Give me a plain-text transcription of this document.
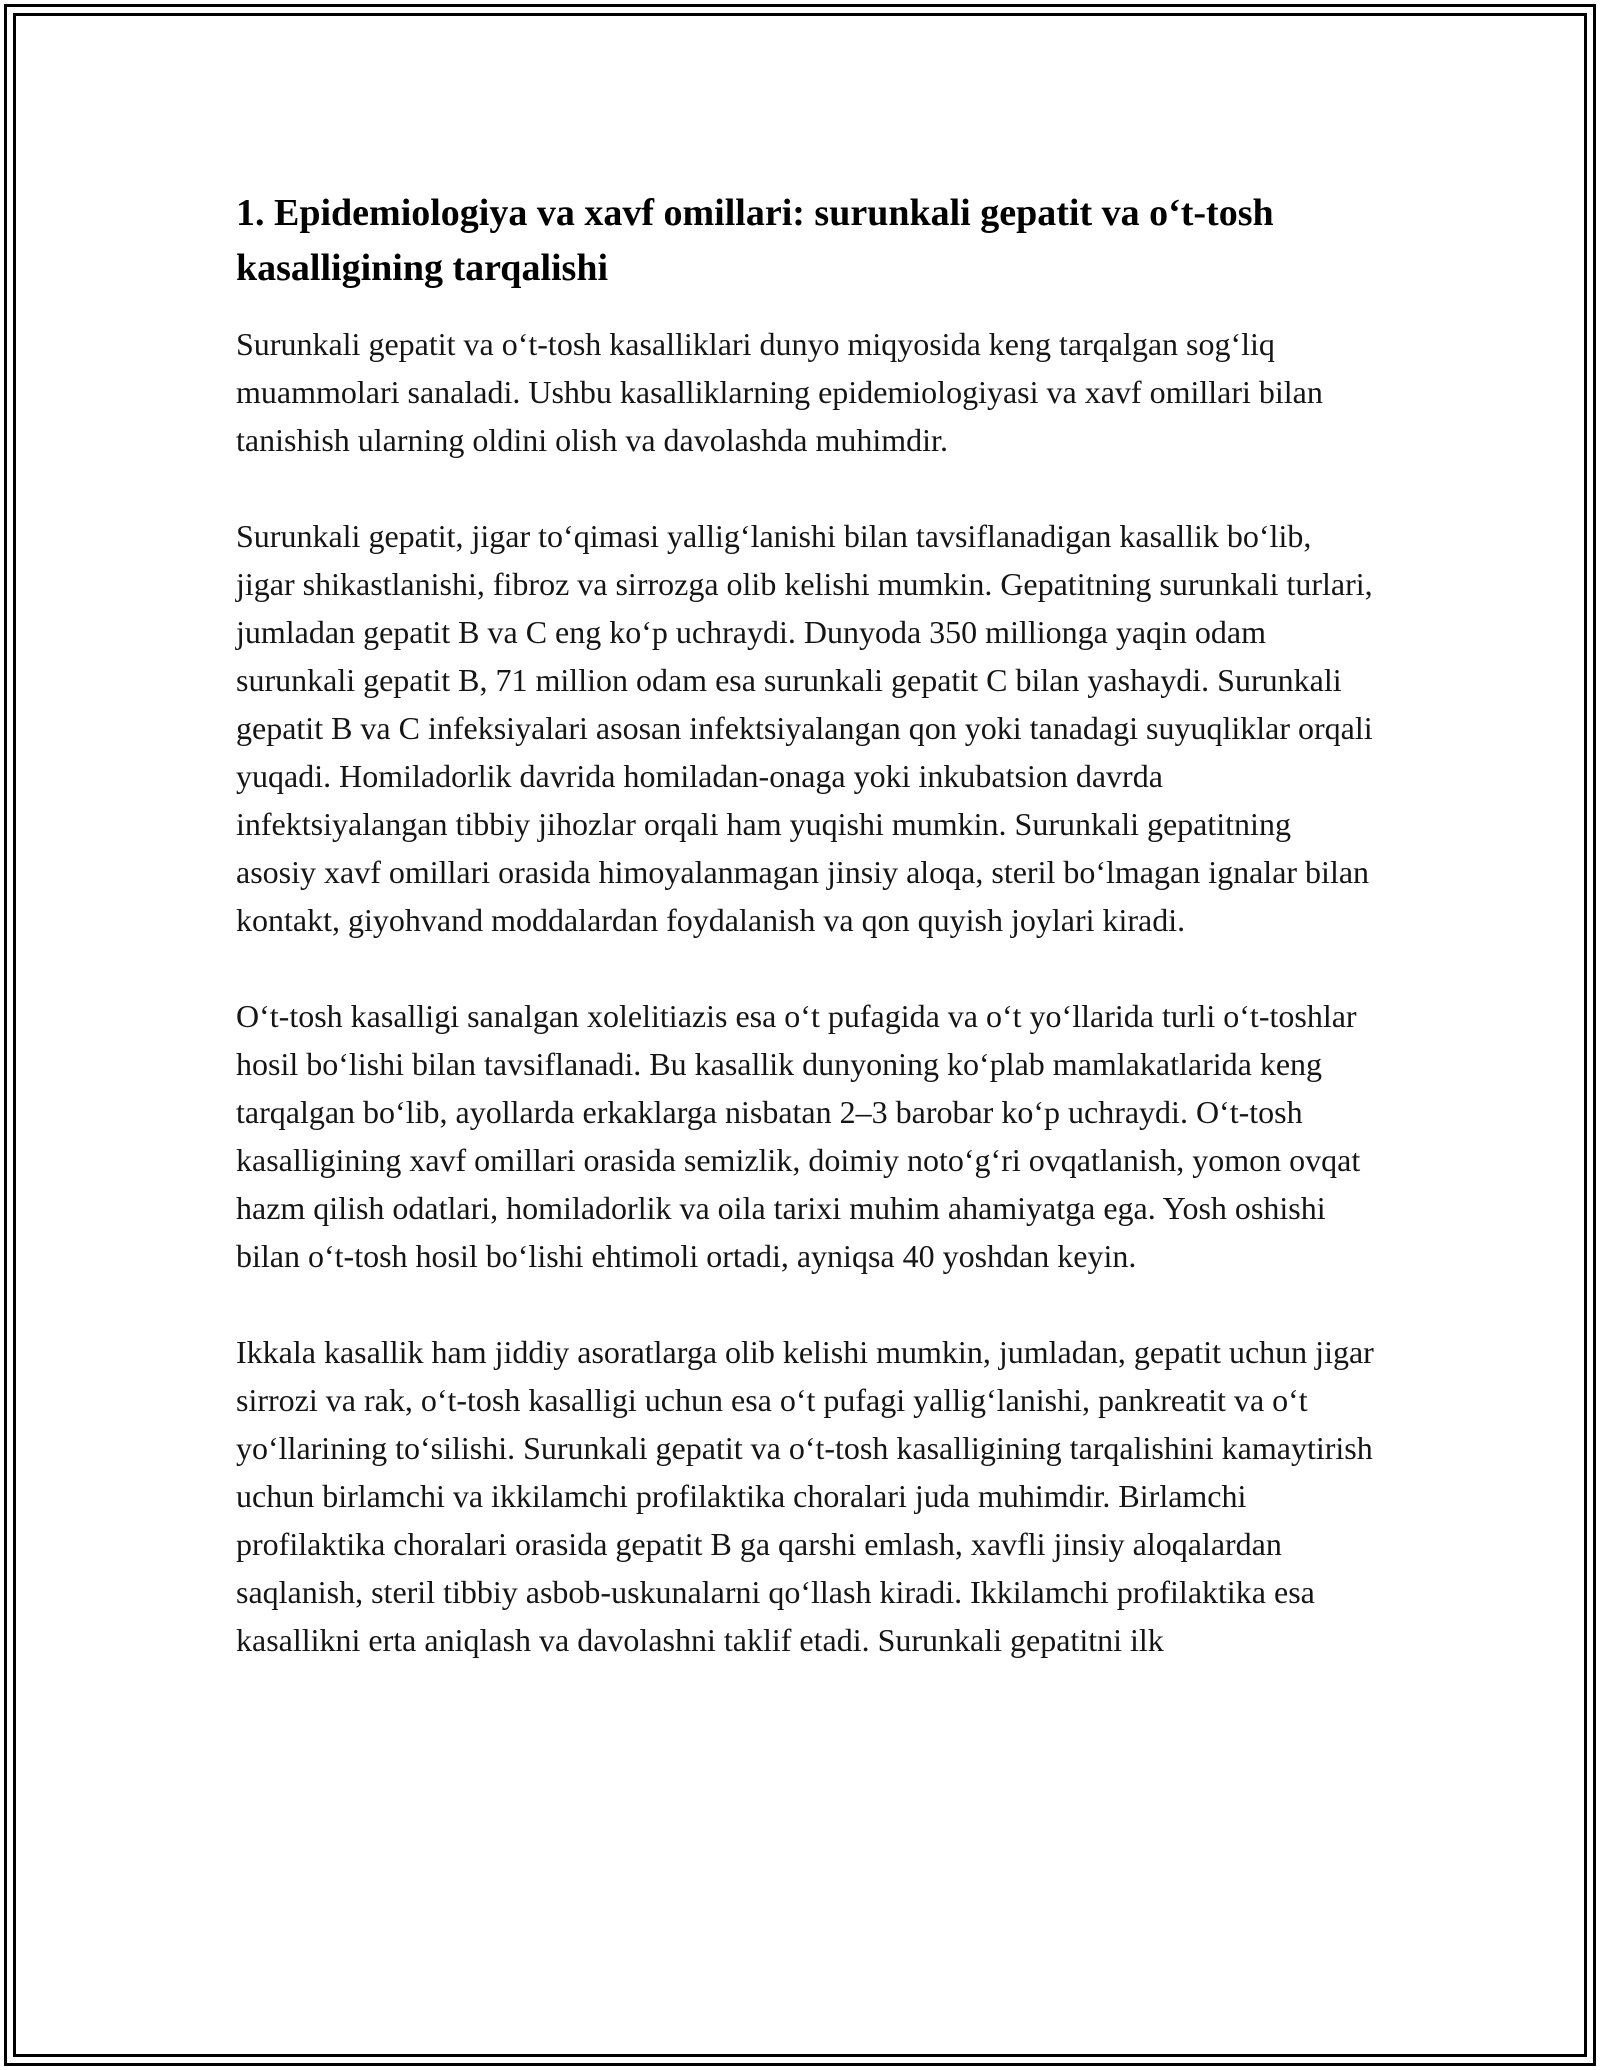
1. Epidemiologiya va xavf omillari: surunkali gepatit va o‘t-tosh kasalligining tarqalishi

Surunkali gepatit va o‘t-tosh kasalliklari dunyo miqyosida keng tarqalgan sog‘liq muammolari sanaladi. Ushbu kasalliklarning epidemiologiyasi va xavf omillari bilan tanishish ularning oldini olish va davolashda muhimdir.

Surunkali gepatit, jigar to‘qimasi yallig‘lanishi bilan tavsiflanadigan kasallik bo‘lib, jigar shikastlanishi, fibroz va sirrozga olib kelishi mumkin. Gepatitning surunkali turlari, jumladan gepatit B va C eng ko‘p uchraydi. Dunyoda 350 millionga yaqin odam surunkali gepatit B, 71 million odam esa surunkali gepatit C bilan yashaydi. Surunkali gepatit B va C infeksiyalari asosan infektsiyalangan qon yoki tanadagi suyuqliklar orqali yuqadi. Homiladorlik davrida homiladan-onaga yoki inkubatsion davrda infektsiyalangan tibbiy jihozlar orqali ham yuqishi mumkin. Surunkali gepatitning asosiy xavf omillari orasida himoyalanmagan jinsiy aloqa, steril bo‘lmagan ignalar bilan kontakt, giyohvand moddalardan foydalanish va qon quyish joylari kiradi.

O‘t-tosh kasalligi sanalgan xolelitiazis esa o‘t pufagida va o‘t yo‘llarida turli o‘t-toshlar hosil bo‘lishi bilan tavsiflanadi. Bu kasallik dunyoning ko‘plab mamlakatlarida keng tarqalgan bo‘lib, ayollarda erkaklarga nisbatan 2–3 barobar ko‘p uchraydi. O‘t-tosh kasalligining xavf omillari orasida semizlik, doimiy noto‘g‘ri ovqatlanish, yomon ovqat hazm qilish odatlari, homiladorlik va oila tarixi muhim ahamiyatga ega. Yosh oshishi bilan o‘t-tosh hosil bo‘lishi ehtimoli ortadi, ayniqsa 40 yoshdan keyin.

Ikkala kasallik ham jiddiy asoratlarga olib kelishi mumkin, jumladan, gepatit uchun jigar sirrozi va rak, o‘t-tosh kasalligi uchun esa o‘t pufagi yallig‘lanishi, pankreatit va o‘t yo‘llarining to‘silishi. Surunkali gepatit va o‘t-tosh kasalligining tarqalishini kamaytirish uchun birlamchi va ikkilamchi profilaktika choralari juda muhimdir. Birlamchi profilaktika choralari orasida gepatit B ga qarshi emlash, xavfli jinsiy aloqalardan saqlanish, steril tibbiy asbob-uskunalarni qo‘llash kiradi. Ikkilamchi profilaktika esa kasallikni erta aniqlash va davolashni taklif etadi. Surunkali gepatitni ilk
